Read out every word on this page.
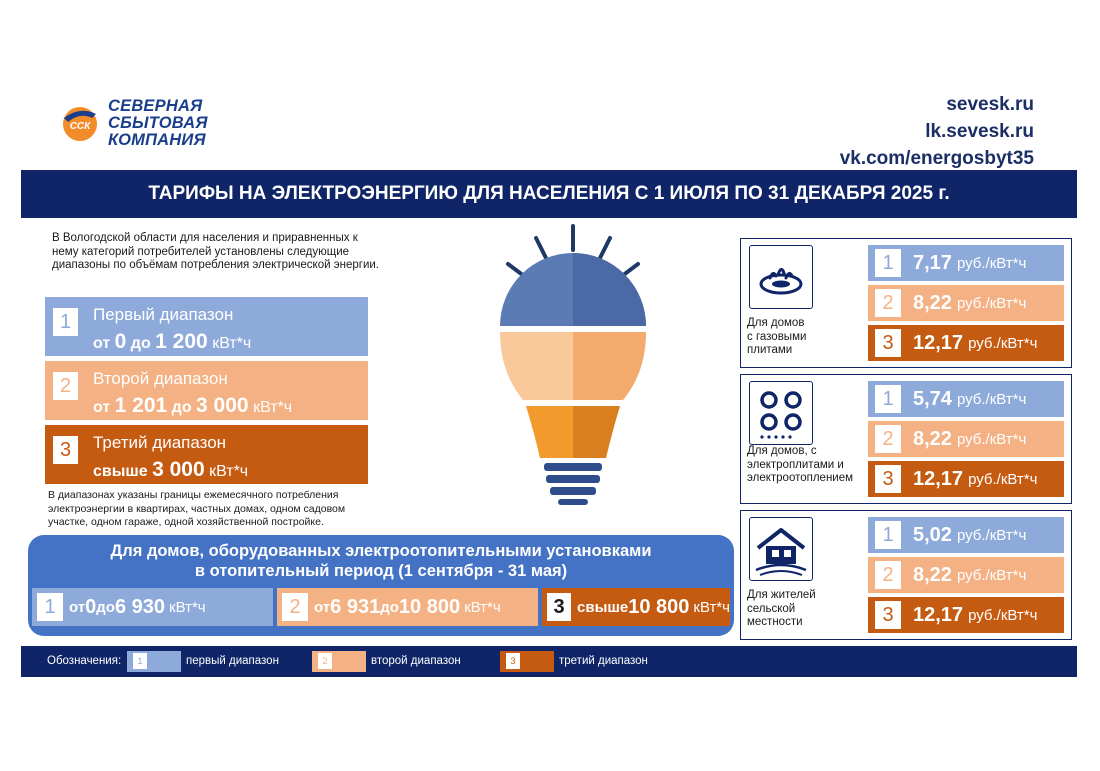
ССК
СЕВЕРНАЯ
СБЫТОВАЯ
КОМПАНИЯ
sevesk.ru
lk.sevesk.ru
vk.com/energosbyt35
ТАРИФЫ НА ЭЛЕКТРОЭНЕРГИЮ ДЛЯ НАСЕЛЕНИЯ С 1 ИЮЛЯ ПО 31 ДЕКАБРЯ 2025 г.
В Вологодской области для населения и приравненных к нему категорий потребителей установлены следующие диапазоны по объёмам потребления электрической энергии.
1	Первый диапазон
от 0 до 1 200 кВт*ч
2	Второй диапазон
от 1 201 до 3 000 кВт*ч
3	Третий диапазон
свыше 3 000 кВт*ч
В диапазонах указаны границы ежемесячного потребления электроэнергии в квартирах, частных домах, одном садовом участке, одном гараже, одной хозяйственной постройке.
Для домов, оборудованных электроотопительными установками
в отопительный период (1 сентября - 31 мая)
1 от 0 до 6 930 кВт*ч	2 от 6 931 до 10 800 кВт*ч	3 свыше 10 800 кВт*ч
Для домов
с газовыми
плитами
1 7,17 руб./кВт*ч
2 8,22 руб./кВт*ч
3 12,17 руб./кВт*ч
Для домов, с
электроплитами и
электроотоплением
1 5,74 руб./кВт*ч
2 8,22 руб./кВт*ч
3 12,17 руб./кВт*ч
Для жителей
сельской
местности
1 5,02 руб./кВт*ч
2 8,22 руб./кВт*ч
3 12,17 руб./кВт*ч
Обозначения:	1	первый диапазон	2	второй диапазон	3	третий диапазон
